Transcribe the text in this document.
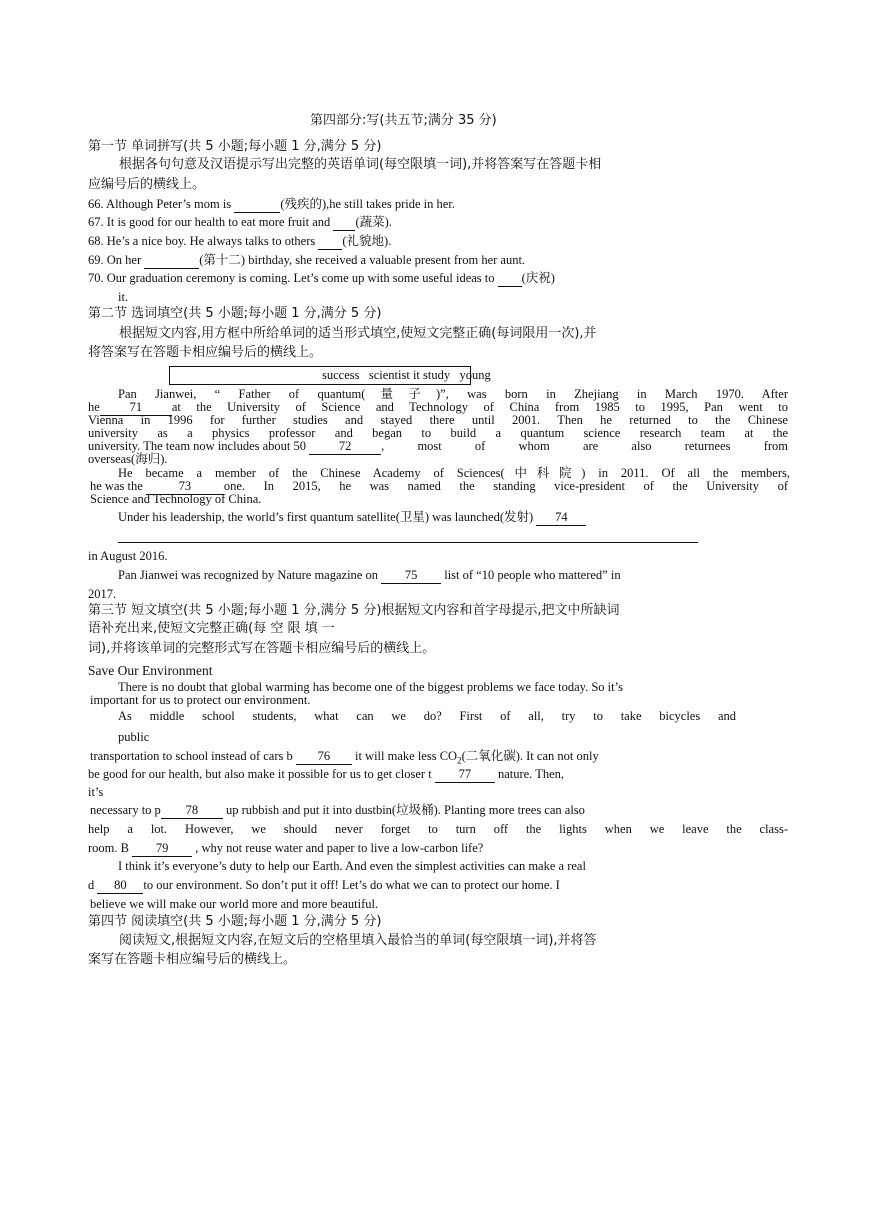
第四部分:写(共五节;满分 35 分)
第一节 单词拼写(共 5 小题;每小题 1 分,满分 5 分)
根据各句句意及汉语提示写出完整的英语单词(每空限填一词),并将答案写在答题卡相
应编号后的横线上。
66. Although Peter’s mom is	(残疾的),he still takes pride in her.
67. It is good for our health to eat more fruit and (蔬菜).
68. He’s a nice boy. He always talks to others (礼貌地).
69. On her	(第十二) birthday, she received a valuable present from her aunt.
70. Our graduation ceremony is coming. Let’s come up with some useful ideas to (庆祝)
it.
第二节 选词填空(共 5 小题;每小题 1 分,满分 5 分)
根据短文内容,用方框中所给单词的适当形式填空,使短文完整正确(每词限用一次),并
将答案写在答题卡相应编号后的横线上。
success   scientist it study   young
Pan Jianwei, “ Father of quantum(量子)”, was born in Zhejiang in March 1970. After
he	71	at the University of Science and Technology of China from 1985 to 1995, Pan went to
Vienna in 1996 for further studies and stayed there until 2001. Then he returned to the Chinese
university as a physics professor and began to build a quantum science research team at the
university. The team now includes about 50
	72	, most of whom are also returnees from
overseas(海归).
He became a member of the Chinese Academy of Sciences(中科院) in 2011. Of all the members,
he was the
	73	one. In 2015, he was named the standing vice-president of the University of
Science and Technology of China.
Under his leadership, the world’s first quantum satellite(卫星) was launched(发射) 74
in August 2016.
Pan Jianwei was recognized by Nature magazine on 75 list of “10 people who mattered” in
2017.
第三节 短文填空(共 5 小题;每小题 1 分,满分 5 分)根据短文内容和首字母提示,把文中所缺词
语补充出来,使短文完整正确(每 空 限 填 一
词),并将该单词的完整形式写在答题卡相应编号后的横线上。
Save Our Environment
There is no doubt that global warming has become one of the biggest problems we face today. So it’s
important for us to protect our environment.
As middle school students, what can we do? First of all, try to take bicycles and
public
transportation to school instead of cars b 76 it will make less $CO_2$(二氧化碳). It can not only
be good for our health, but also make it possible for us to get closer t 77 nature. Then,
it’s
necessary to p 78 up rubbish and put it into dustbin(垃圾桶). Planting more trees can also
help a lot. However, we should never forget to turn off the lights when we leave the class-
room. B 79 , why not reuse water and paper to live a low-carbon life?
I think it’s everyone’s duty to help our Earth. And even the simplest activities can make a real
d 80 to our environment. So don’t put it off! Let’s do what we can to protect our home. I
believe we will make our world more and more beautiful.
第四节 阅读填空(共 5 小题;每小题 1 分,满分 5 分)
阅读短文,根据短文内容,在短文后的空格里填入最恰当的单词(每空限填一词),并将答
案写在答题卡相应编号后的横线上。
